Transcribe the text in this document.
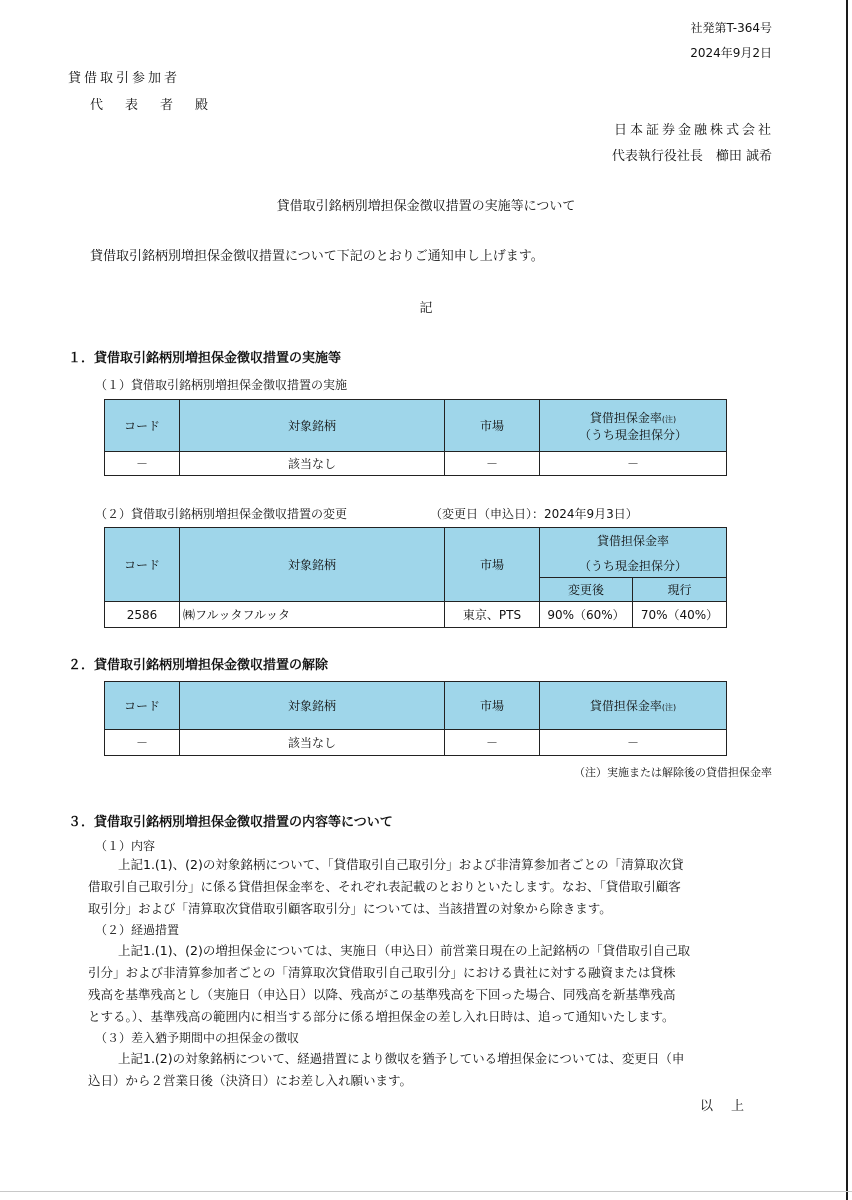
社発第T-364号
2024年9月2日
貸借取引参加者
代表者殿
日本証券金融株式会社
代表執行役社長　櫛田 誠希
貸借取引銘柄別増担保金徴収措置の実施等について
貸借取引銘柄別増担保金徴収措置について下記のとおりご通知申し上げます。
記
１．貸借取引銘柄別増担保金徴収措置の実施等
（１）貸借取引銘柄別増担保金徴収措置の実施
コード	対象銘柄	市場	貸借担保金率(注)
（うち現金担保分）

－	該当なし	－	－
（２）貸借取引銘柄別増担保金徴収措置の変更	（変更日（申込日）：2024年9月3日）
コード	対象銘柄	市場	貸借担保金率	
			（うち現金担保分）	
			変更後	現行
2586	㈱フルッタフルッタ	東京、PTS	90%（60%）	70%（40%）
２．貸借取引銘柄別増担保金徴収措置の解除
コード	対象銘柄	市場	貸借担保金率(注)
－	該当なし	－	－
（注）実施または解除後の貸借担保金率
３．貸借取引銘柄別増担保金徴収措置の内容等について
（１）内容
上記1.(1)、(2)の対象銘柄について、「貸借取引自己取引分」および非清算参加者ごとの「清算取次貸
借取引自己取引分」に係る貸借担保金率を、それぞれ表記載のとおりといたします。なお、「貸借取引顧客
取引分」および「清算取次貸借取引顧客取引分」については、当該措置の対象から除きます。
（２）経過措置
上記1.(1)、(2)の増担保金については、実施日（申込日）前営業日現在の上記銘柄の「貸借取引自己取
引分」および非清算参加者ごとの「清算取次貸借取引自己取引分」における貴社に対する融資または貸株
残高を基準残高とし（実施日（申込日）以降、残高がこの基準残高を下回った場合、同残高を新基準残高
とする。）、基準残高の範囲内に相当する部分に係る増担保金の差し入れ日時は、追って通知いたします。
（３）差入猶予期間中の担保金の徴収
上記1.(2)の対象銘柄について、経過措置により徴収を猶予している増担保金については、変更日（申
込日）から２営業日後（決済日）にお差し入れ願います。
以上
